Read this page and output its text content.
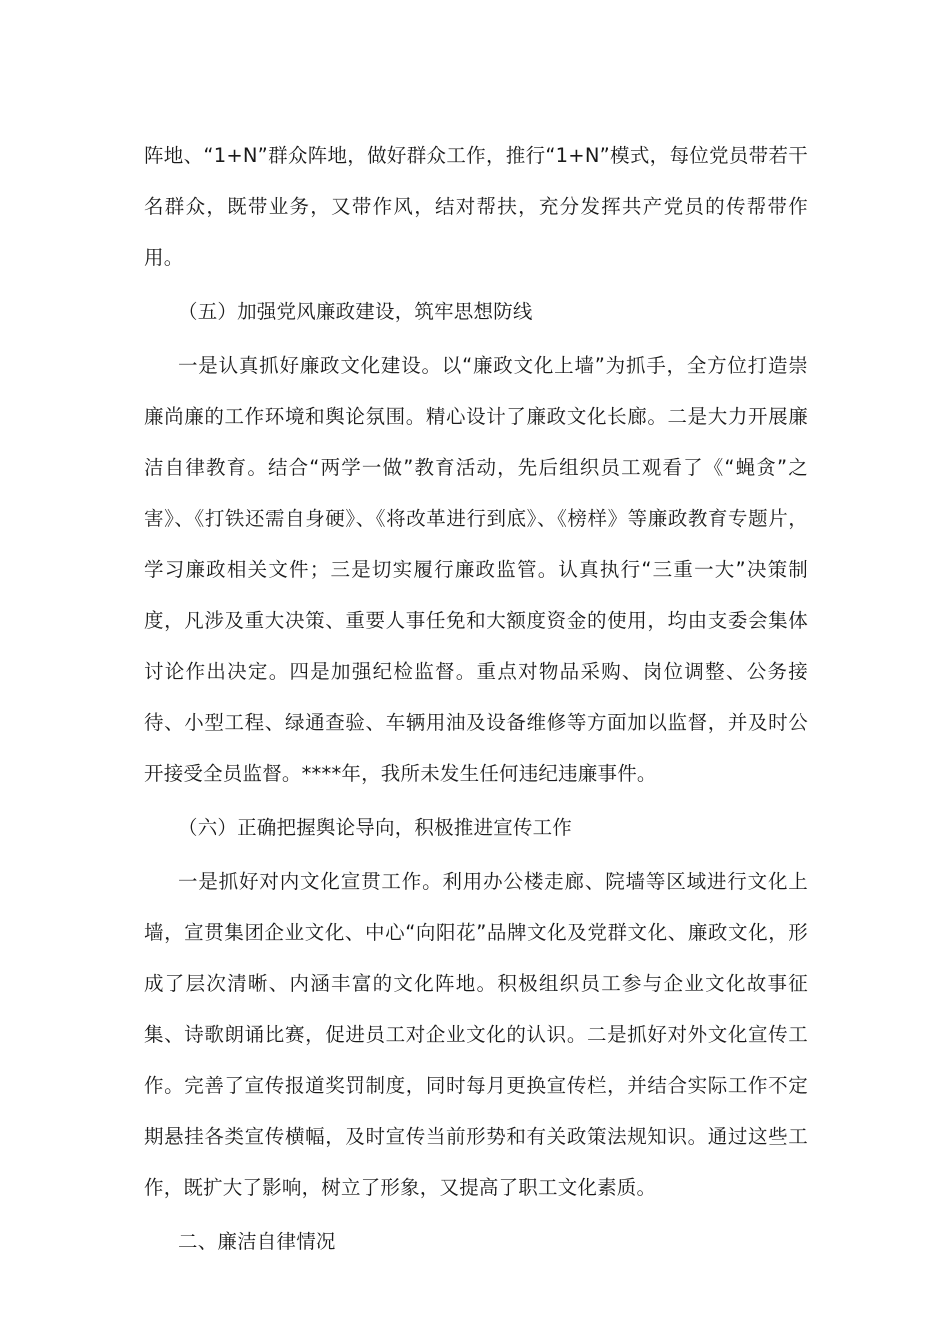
阵地、“1+N”群众阵地，做好群众工作，推行“1+N”模式，每位党员带若干名群众，既带业务，又带作风，结对帮扶，充分发挥共产党员的传帮带作用。

（五）加强党风廉政建设，筑牢思想防线

一是认真抓好廉政文化建设。以“廉政文化上墙”为抓手，全方位打造崇廉尚廉的工作环境和舆论氛围。精心设计了廉政文化长廊。二是大力开展廉洁自律教育。结合“两学一做”教育活动，先后组织员工观看了《“蝇贪”之害》、《打铁还需自身硬》、《将改革进行到底》、《榜样》等廉政教育专题片，学习廉政相关文件；三是切实履行廉政监管。认真执行“三重一大”决策制度，凡涉及重大决策、重要人事任免和大额度资金的使用，均由支委会集体讨论作出决定。四是加强纪检监督。重点对物品采购、岗位调整、公务接待、小型工程、绿通查验、车辆用油及设备维修等方面加以监督，并及时公开接受全员监督。****年，我所未发生任何违纪违廉事件。

（六）正确把握舆论导向，积极推进宣传工作

一是抓好对内文化宣贯工作。利用办公楼走廊、院墙等区域进行文化上墙，宣贯集团企业文化、中心“向阳花”品牌文化及党群文化、廉政文化，形成了层次清晰、内涵丰富的文化阵地。积极组织员工参与企业文化故事征集、诗歌朗诵比赛，促进员工对企业文化的认识。二是抓好对外文化宣传工作。完善了宣传报道奖罚制度，同时每月更换宣传栏，并结合实际工作不定期悬挂各类宣传横幅，及时宣传当前形势和有关政策法规知识。通过这些工作，既扩大了影响，树立了形象，又提高了职工文化素质。

二、廉洁自律情况
